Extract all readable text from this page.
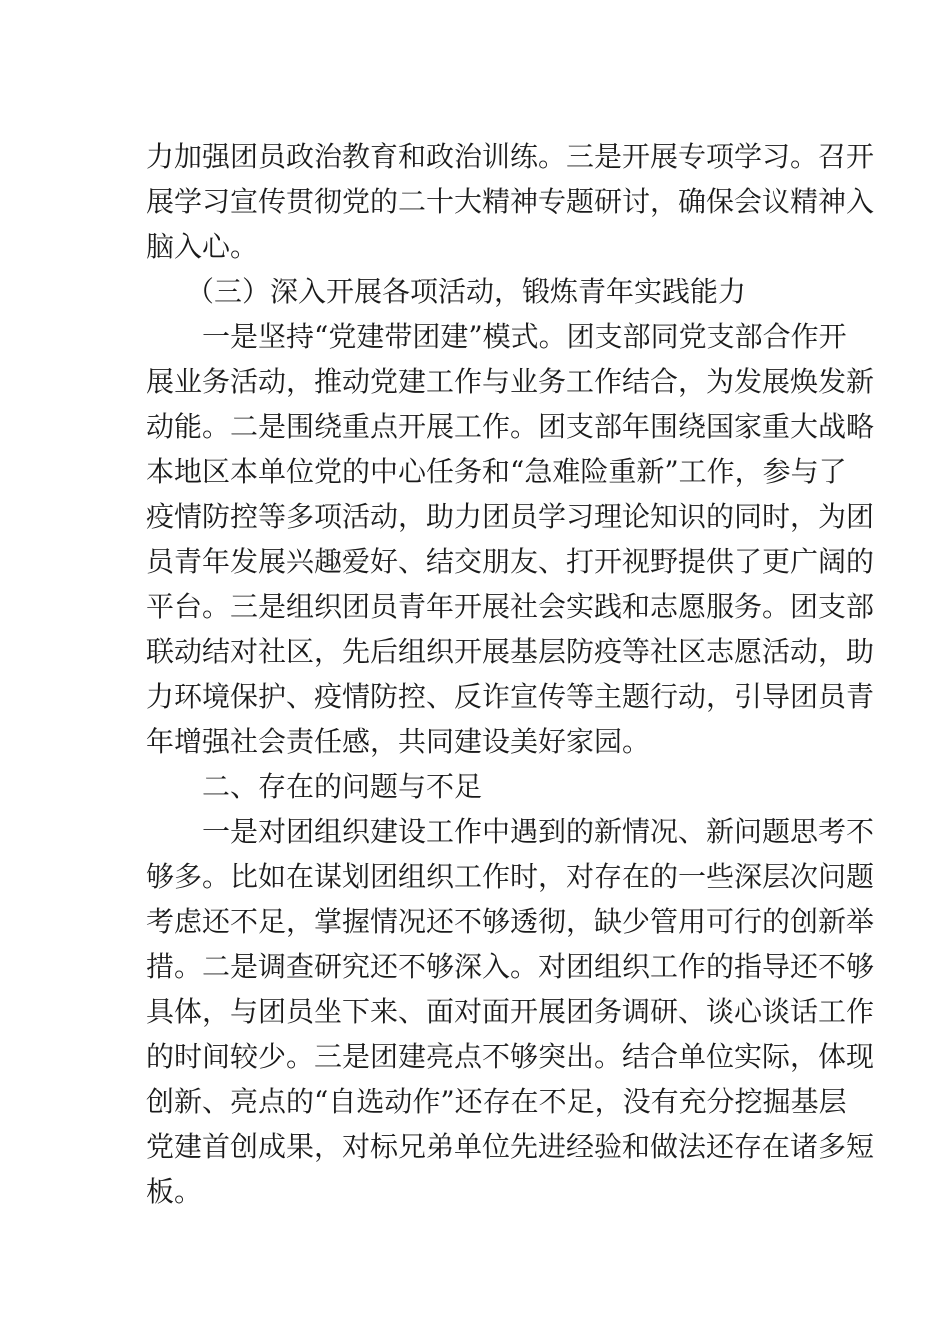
力加强团员政治教育和政治训练。三是开展专项学习。召开
展学习宣传贯彻党的二十大精神专题研讨，确保会议精神入
脑入心。
（三）深入开展各项活动，锻炼青年实践能力
一是坚持“党建带团建”模式。团支部同党支部合作开
展业务活动，推动党建工作与业务工作结合，为发展焕发新
动能。二是围绕重点开展工作。团支部年围绕国家重大战略
本地区本单位党的中心任务和“急难险重新”工作，参与了
疫情防控等多项活动，助力团员学习理论知识的同时，为团
员青年发展兴趣爱好、结交朋友、打开视野提供了更广阔的
平台。三是组织团员青年开展社会实践和志愿服务。团支部
联动结对社区，先后组织开展基层防疫等社区志愿活动，助
力环境保护、疫情防控、反诈宣传等主题行动，引导团员青
年增强社会责任感，共同建设美好家园。
二、存在的问题与不足
一是对团组织建设工作中遇到的新情况、新问题思考不
够多。比如在谋划团组织工作时，对存在的一些深层次问题
考虑还不足，掌握情况还不够透彻，缺少管用可行的创新举
措。二是调查研究还不够深入。对团组织工作的指导还不够
具体，与团员坐下来、面对面开展团务调研、谈心谈话工作
的时间较少。三是团建亮点不够突出。结合单位实际，体现
创新、亮点的“自选动作”还存在不足，没有充分挖掘基层
党建首创成果，对标兄弟单位先进经验和做法还存在诸多短
板。
